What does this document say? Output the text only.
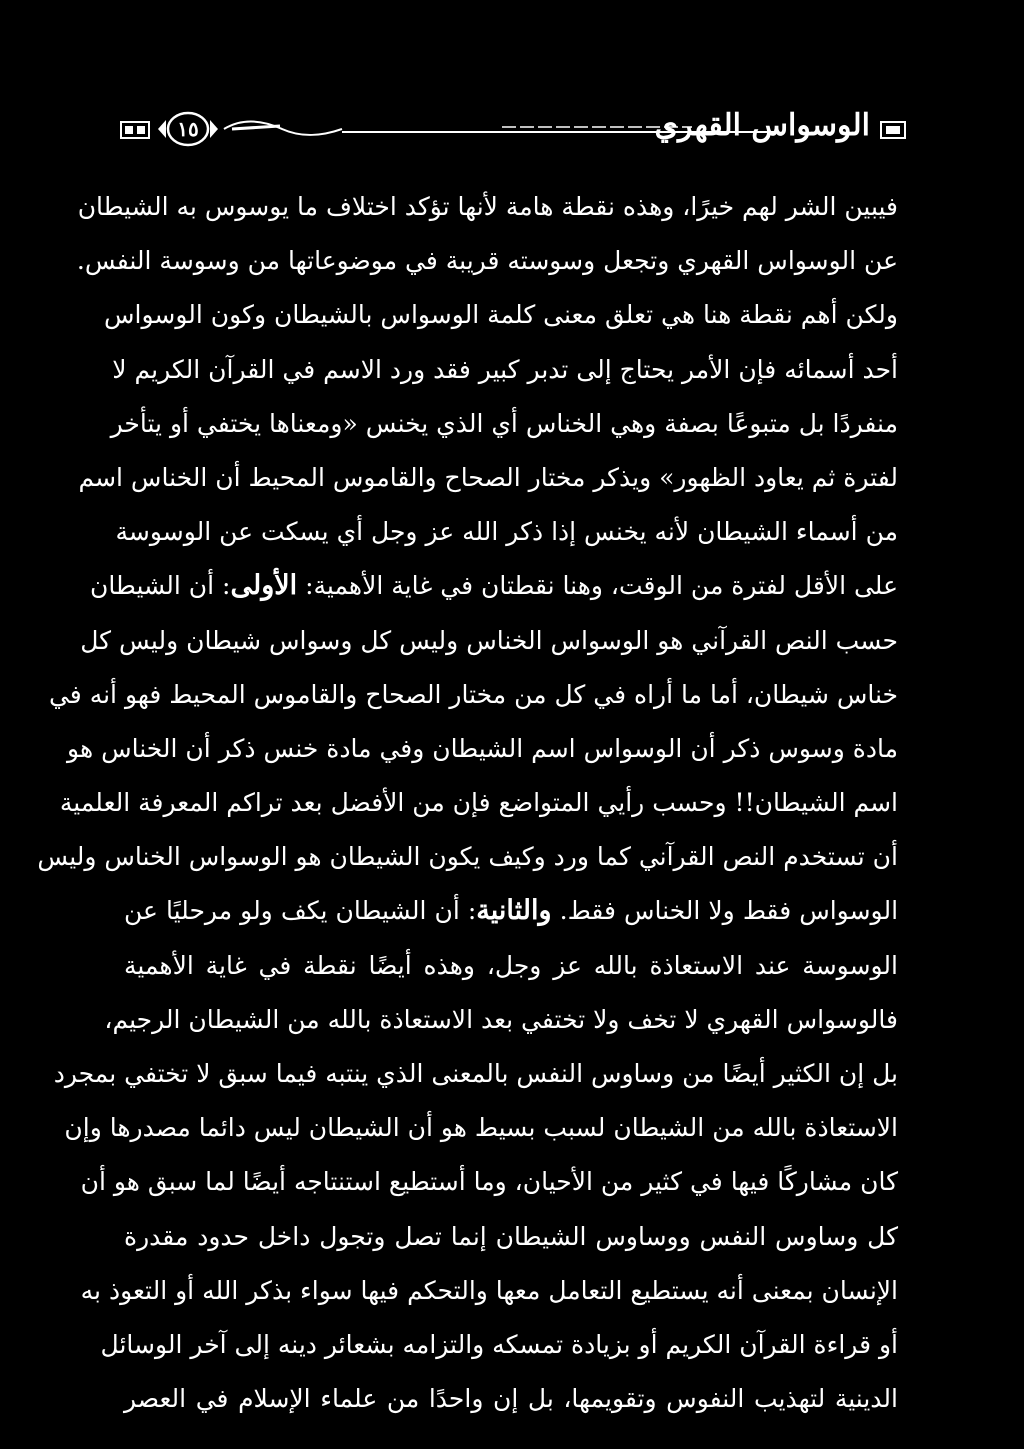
١٥	الوسواس القهري
فيبين الشر لهم خيرًا، وهذه نقطة هامة لأنها تؤكد اختلاف ما يوسوس به الشيطان
عن الوسواس القهري وتجعل وسوسته قريبة في موضوعاتها من وسوسة النفس.
ولكن أهم نقطة هنا هي تعلق معنى كلمة الوسواس بالشيطان وكون الوسواس
أحد أسمائه فإن الأمر يحتاج إلى تدبر كبير فقد ورد الاسم في القرآن الكريم لا
منفردًا بل متبوعًا بصفة وهي الخناس أي الذي يخنس «ومعناها يختفي أو يتأخر
لفترة ثم يعاود الظهور» ويذكر مختار الصحاح والقاموس المحيط أن الخناس اسم
من أسماء الشيطان لأنه يخنس إذا ذكر الله عز وجل أي يسكت عن الوسوسة
على الأقل لفترة من الوقت، وهنا نقطتان في غاية الأهمية: الأولى: أن الشيطان
حسب النص القرآني هو الوسواس الخناس وليس كل وسواس شيطان وليس كل
خناس شيطان، أما ما أراه في كل من مختار الصحاح والقاموس المحيط فهو أنه في
مادة وسوس ذكر أن الوسواس اسم الشيطان وفي مادة خنس ذكر أن الخناس هو
اسم الشيطان!! وحسب رأيي المتواضع فإن من الأفضل بعد تراكم المعرفة العلمية
أن تستخدم النص القرآني كما ورد وكيف يكون الشيطان هو الوسواس الخناس وليس
الوسواس فقط ولا الخناس فقط. والثانية: أن الشيطان يكف ولو مرحليًا عن
الوسوسة عند الاستعاذة بالله عز وجل، وهذه أيضًا نقطة في غاية الأهمية
فالوسواس القهري لا تخف ولا تختفي بعد الاستعاذة بالله من الشيطان الرجيم،
بل إن الكثير أيضًا من وساوس النفس بالمعنى الذي ينتبه فيما سبق لا تختفي بمجرد
الاستعاذة بالله من الشيطان لسبب بسيط هو أن الشيطان ليس دائما مصدرها وإن
كان مشاركًا فيها في كثير من الأحيان، وما أستطيع استنتاجه أيضًا لما سبق هو أن
كل وساوس النفس ووساوس الشيطان إنما تصل وتجول داخل حدود مقدرة
الإنسان بمعنى أنه يستطيع التعامل معها والتحكم فيها سواء بذكر الله أو التعوذ به
أو قراءة القرآن الكريم أو بزيادة تمسكه والتزامه بشعائر دينه إلى آخر الوسائل
الدينية لتهذيب النفوس وتقويمها، بل إن واحدًا من علماء الإسلام في العصر
